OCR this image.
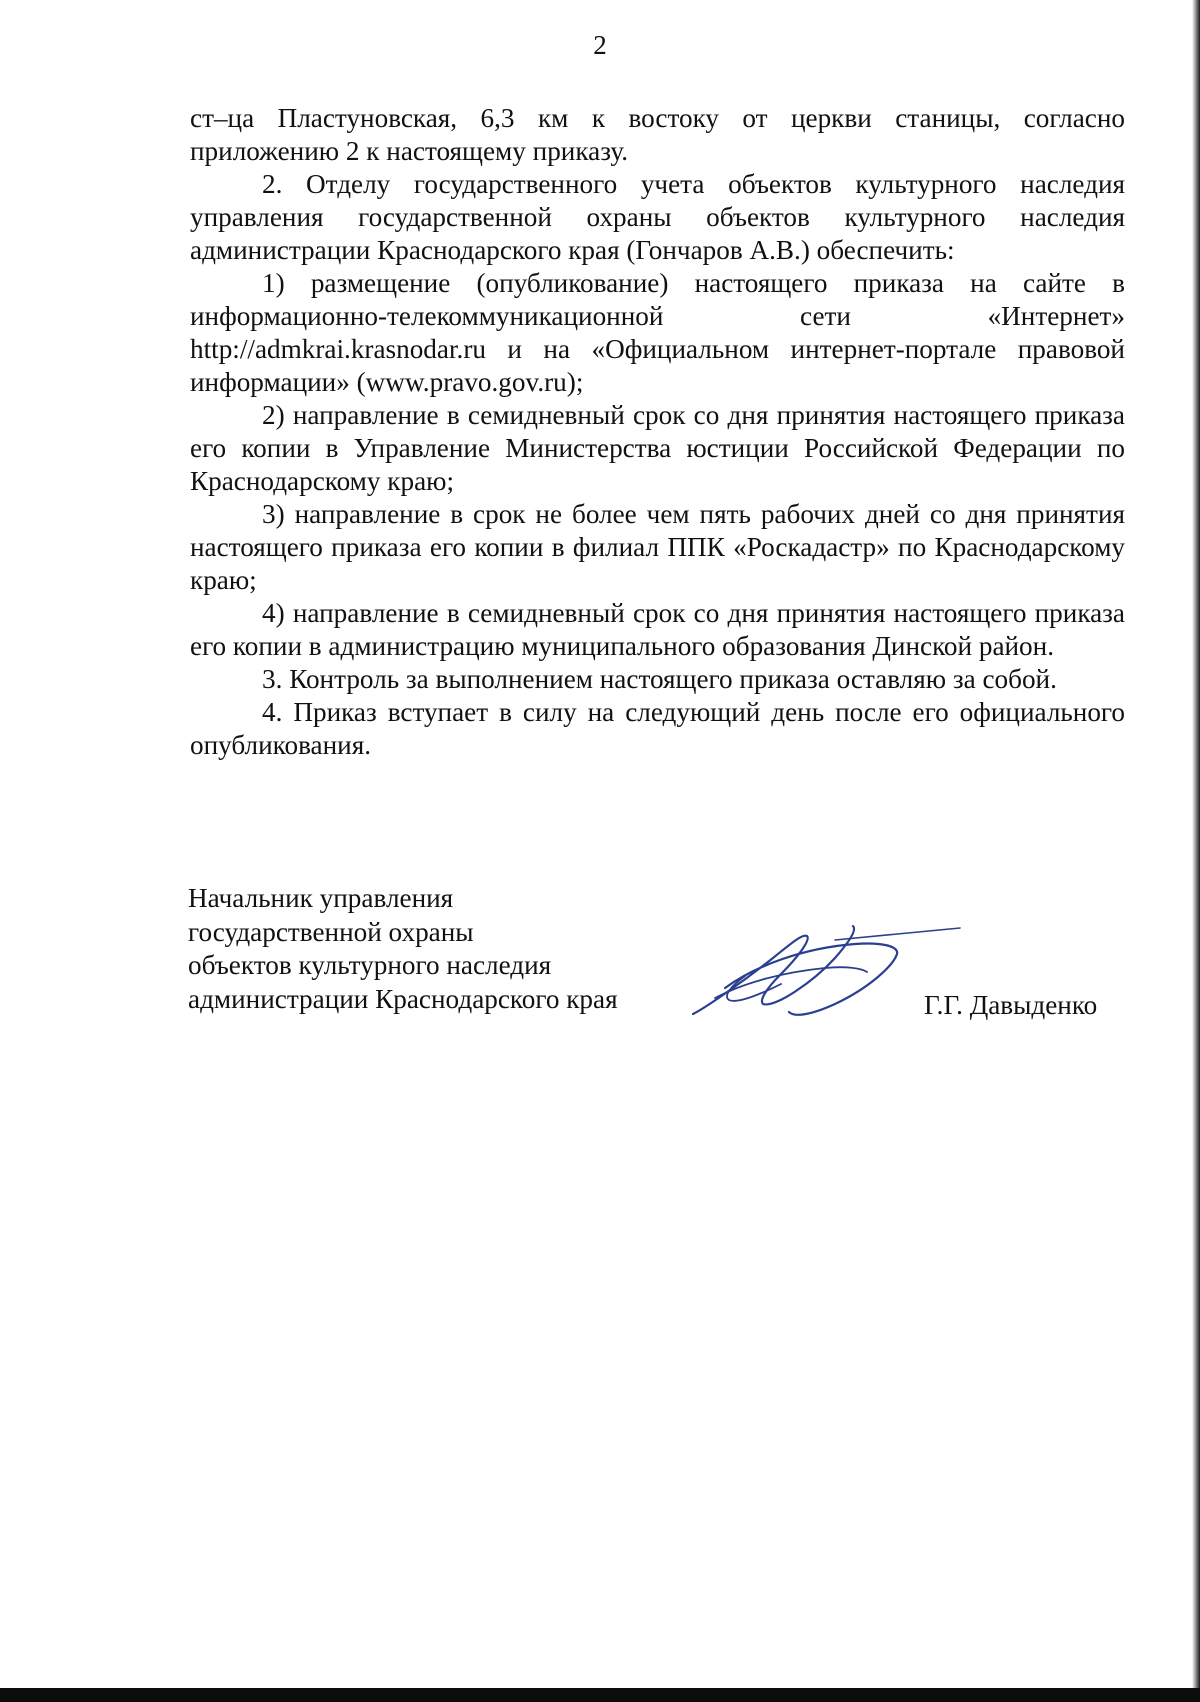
2

ст–ца Пластуновская, 6,3 км к востоку от церкви станицы, согласно приложению 2 к настоящему приказу.

2. Отделу государственного учета объектов культурного наследия управления государственной охраны объектов культурного наследия администрации Краснодарского края (Гончаров А.В.) обеспечить:

1) размещение (опубликование) настоящего приказа на сайте в информационно-телекоммуникационной сети «Интернет» http://admkrai.krasnodar.ru и на «Официальном интернет-портале правовой информации» (www.pravo.gov.ru);

2) направление в семидневный срок со дня принятия настоящего приказа его копии в Управление Министерства юстиции Российской Федерации по Краснодарскому краю;

3) направление в срок не более чем пять рабочих дней со дня принятия настоящего приказа его копии в филиал ППК «Роскадастр» по Краснодарскому краю;

4) направление в семидневный срок со дня принятия настоящего приказа его копии в администрацию муниципального образования Динской район.

3. Контроль за выполнением настоящего приказа оставляю за собой.

4. Приказ вступает в силу на следующий день после его официального опубликования.

Начальник управления
государственной охраны
объектов культурного наследия
администрации Краснодарского края	Г.Г. Давыденко
